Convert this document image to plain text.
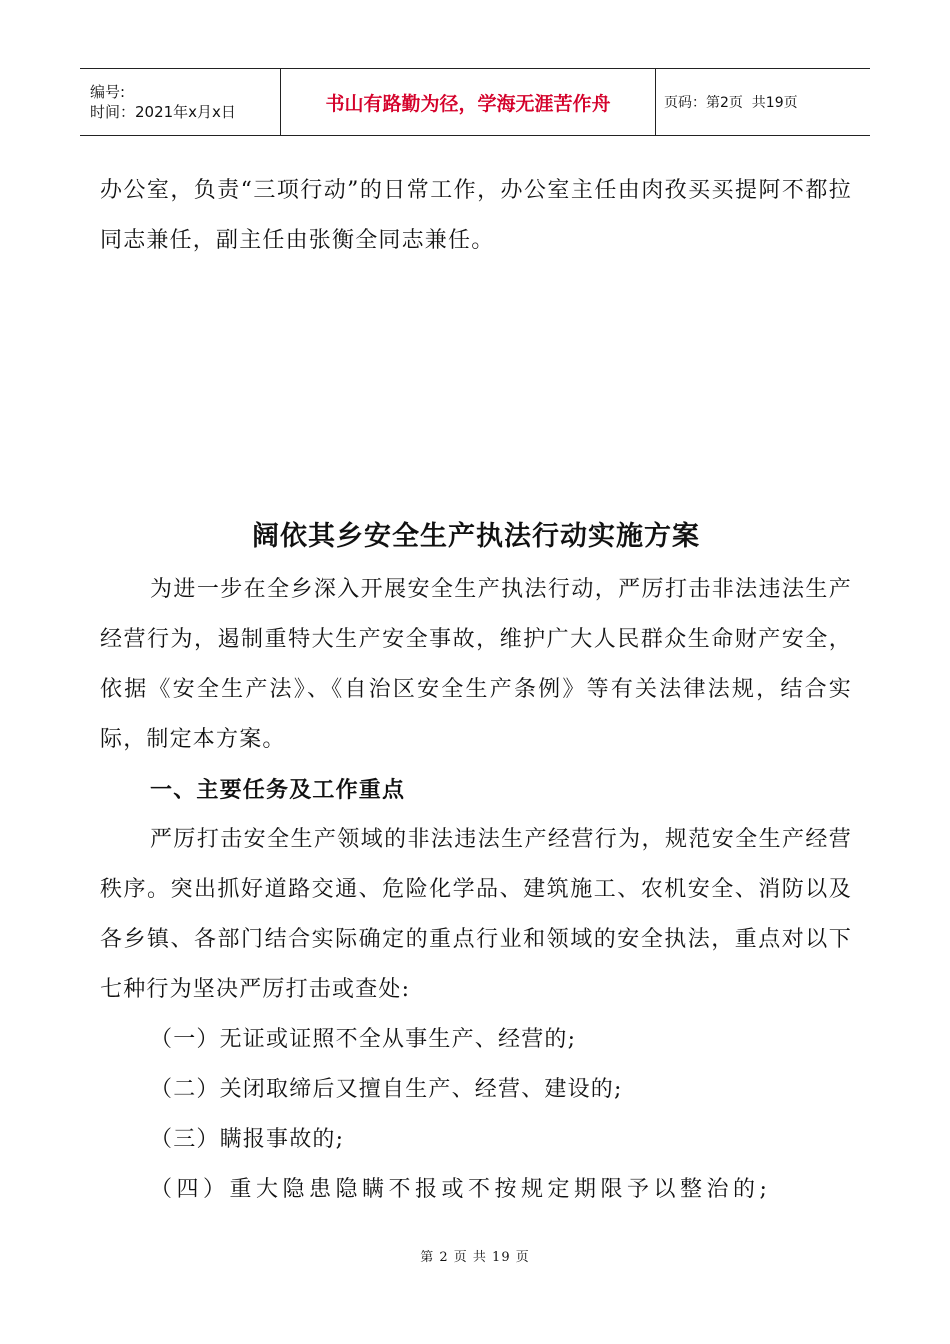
编号:
时间：2021年x月x日	书山有路勤为径，学海无涯苦作舟	页码：第2页  共19页

办公室，负责“三项行动”的日常工作，办公室主任由肉孜买买提阿不都拉同志兼任，副主任由张衡全同志兼任。

阔依其乡安全生产执法行动实施方案

为进一步在全乡深入开展安全生产执法行动，严厉打击非法违法生产经营行为，遏制重特大生产安全事故，维护广大人民群众生命财产安全，依据《安全生产法》、《自治区安全生产条例》等有关法律法规，结合实际，制定本方案。

一、主要任务及工作重点

严厉打击安全生产领域的非法违法生产经营行为，规范安全生产经营秩序。突出抓好道路交通、危险化学品、建筑施工、农机安全、消防以及各乡镇、各部门结合实际确定的重点行业和领域的安全执法，重点对以下七种行为坚决严厉打击或查处:

（一）无证或证照不全从事生产、经营的;

（二）关闭取缔后又擅自生产、经营、建设的;

（三）瞒报事故的;

（四）重大隐患隐瞒不报或不按规定期限予以整治的;

第 2 页 共 19 页
